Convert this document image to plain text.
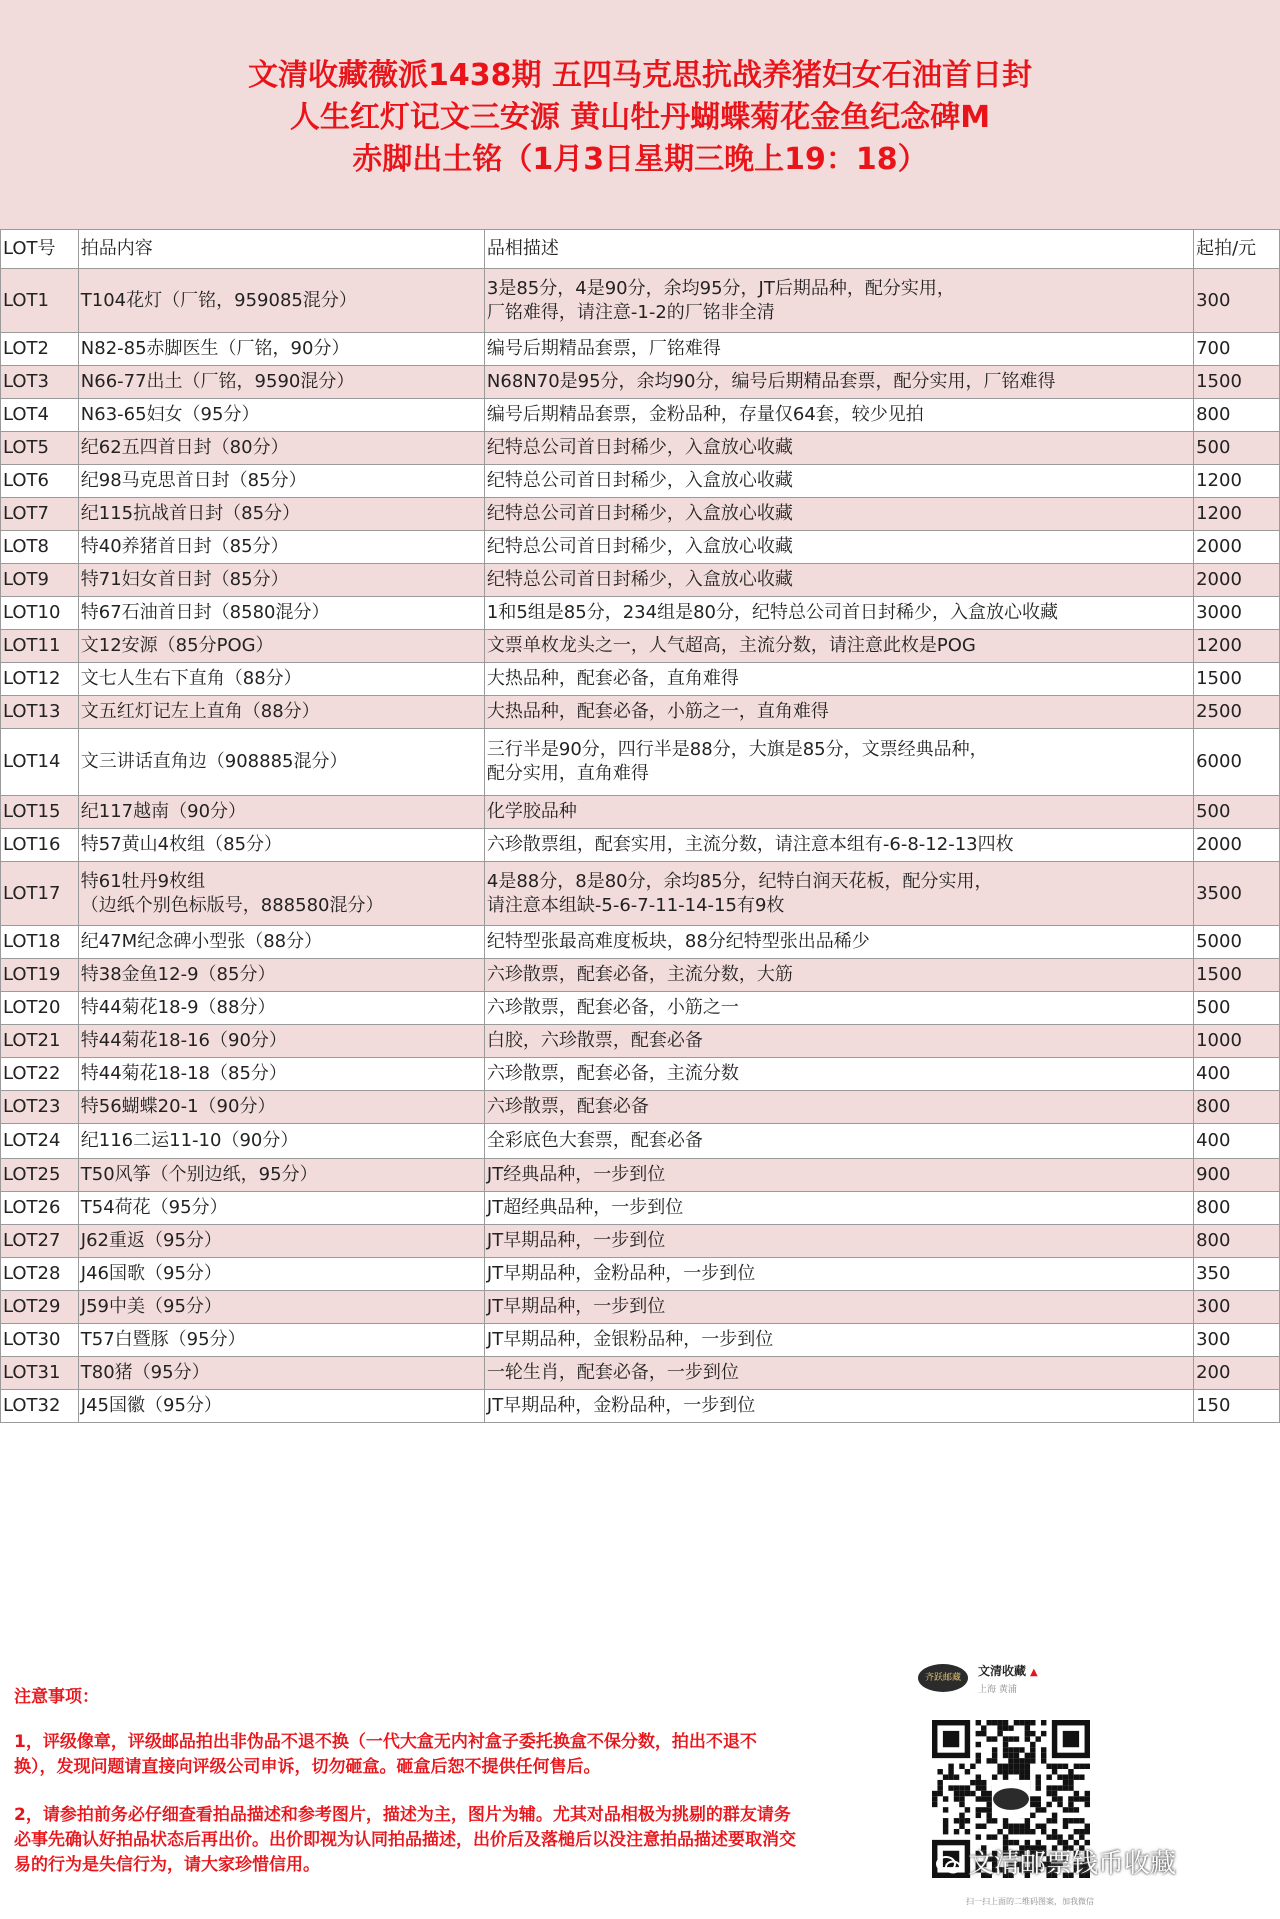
文清收藏薇派1438期 五四马克思抗战养猪妇女石油首日封
人生红灯记文三安源 黄山牡丹蝴蝶菊花金鱼纪念碑M
赤脚出土铭（1月3日星期三晚上19：18）
LOT号	拍品内容	品相描述	起拍/元
LOT1	T104花灯（厂铭，959085混分）	3是85分，4是90分，余均95分，JT后期品种，配分实用，
厂铭难得，请注意-1-2的厂铭非全清	300
LOT2	N82-85赤脚医生（厂铭，90分）	编号后期精品套票，厂铭难得	700
LOT3	N66-77出土（厂铭，9590混分）	N68N70是95分，余均90分，编号后期精品套票，配分实用，厂铭难得	1500
LOT4	N63-65妇女（95分）	编号后期精品套票，金粉品种，存量仅64套，较少见拍	800
LOT5	纪62五四首日封（80分）	纪特总公司首日封稀少，入盒放心收藏	500
LOT6	纪98马克思首日封（85分）	纪特总公司首日封稀少，入盒放心收藏	1200
LOT7	纪115抗战首日封（85分）	纪特总公司首日封稀少，入盒放心收藏	1200
LOT8	特40养猪首日封（85分）	纪特总公司首日封稀少，入盒放心收藏	2000
LOT9	特71妇女首日封（85分）	纪特总公司首日封稀少，入盒放心收藏	2000
LOT10	特67石油首日封（8580混分）	1和5组是85分，234组是80分，纪特总公司首日封稀少，入盒放心收藏	3000
LOT11	文12安源（85分POG）	文票单枚龙头之一，人气超高，主流分数，请注意此枚是POG	1200
LOT12	文七人生右下直角（88分）	大热品种，配套必备，直角难得	1500
LOT13	文五红灯记左上直角（88分）	大热品种，配套必备，小筋之一，直角难得	2500
LOT14	文三讲话直角边（908885混分）	三行半是90分，四行半是88分，大旗是85分，文票经典品种，
配分实用，直角难得	6000
LOT15	纪117越南（90分）	化学胶品种	500
LOT16	特57黄山4枚组（85分）	六珍散票组，配套实用，主流分数，请注意本组有-6-8-12-13四枚	2000
LOT17	特61牡丹9枚组
（边纸个别色标版号，888580混分）	4是88分，8是80分，余均85分，纪特白润天花板，配分实用，
请注意本组缺-5-6-7-11-14-15有9枚	3500
LOT18	纪47M纪念碑小型张（88分）	纪特型张最高难度板块，88分纪特型张出品稀少	5000
LOT19	特38金鱼12-9（85分）	六珍散票，配套必备，主流分数，大筋	1500
LOT20	特44菊花18-9（88分）	六珍散票，配套必备，小筋之一	500
LOT21	特44菊花18-16（90分）	白胶，六珍散票，配套必备	1000
LOT22	特44菊花18-18（85分）	六珍散票，配套必备，主流分数	400
LOT23	特56蝴蝶20-1（90分）	六珍散票，配套必备	800
LOT24	纪116二运11-10（90分）	全彩底色大套票，配套必备	400
LOT25	T50风筝（个别边纸，95分）	JT经典品种，一步到位	900
LOT26	T54荷花（95分）	JT超经典品种，一步到位	800
LOT27	J62重返（95分）	JT早期品种，一步到位	800
LOT28	J46国歌（95分）	JT早期品种，金粉品种，一步到位	350
LOT29	J59中美（95分）	JT早期品种，一步到位	300
LOT30	T57白暨豚（95分）	JT早期品种，金银粉品种，一步到位	300
LOT31	T80猪（95分）	一轮生肖，配套必备，一步到位	200
LOT32	J45国徽（95分）	JT早期品种，金粉品种，一步到位	150
注意事项：
1，评级像章，评级邮品拍出非伪品不退不换（一代大盒无内衬盒子委托换盒不保分数，拍出不退不换），发现问题请直接向评级公司申诉，切勿砸盒。砸盒后恕不提供任何售后。
2，请参拍前务必仔细查看拍品描述和参考图片，描述为主，图片为辅。尤其对品相极为挑剔的群友请务必事先确认好拍品状态后再出价。出价即视为认同拍品描述，出价后及落槌后以没注意拍品描述要取消交易的行为是失信行为，请大家珍惜信用。
齐跃邮藏	文清收藏 ▲
上海 黄浦
扫一扫上面的二维码图案，加我微信
文清邮票钱币收藏
